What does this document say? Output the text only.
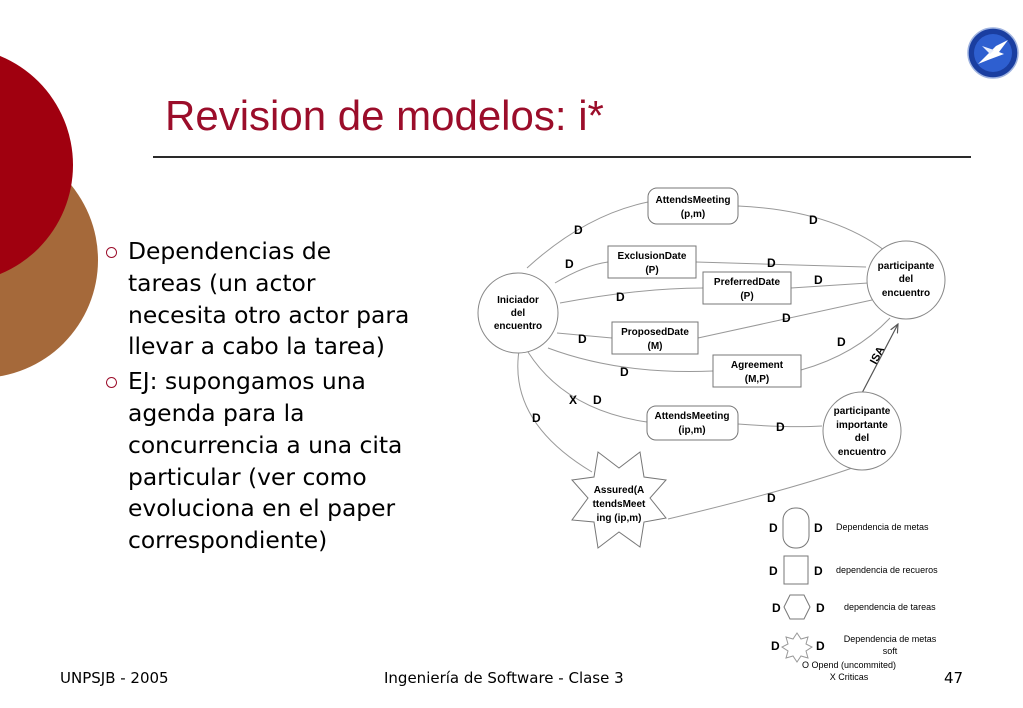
Revision de modelos: i*
Dependencias de tareas (un actor necesita otro actor para llevar a cabo la tarea)
EJ: supongamos una agenda para la concurrencia a una cita particular (ver como evoluciona en el paper correspondiente)
Iniciador
del
encuentro
participante
del
encuentro
participante
importante
del
encuentro
AttendsMeeting
(p,m)
AttendsMeeting
(ip,m)
ExclusionDate
(P)
PreferredDate
(P)
ProposedDate
(M)
Agreement
(M,P)
Assured(A
ttendsMeet
ing (ip,m)
D
D
D	D
D
D
D
D
D
D
X D
D
D
D
ISA
D	D
D	D
D	D
D	D
Dependencia de metas
dependencia de recueros
dependencia de tareas
Dependencia de metas
soft
O Opend (uncommited)
X Criticas
UNPSJB - 2005	Ingeniería de Software - Clase 3	47
